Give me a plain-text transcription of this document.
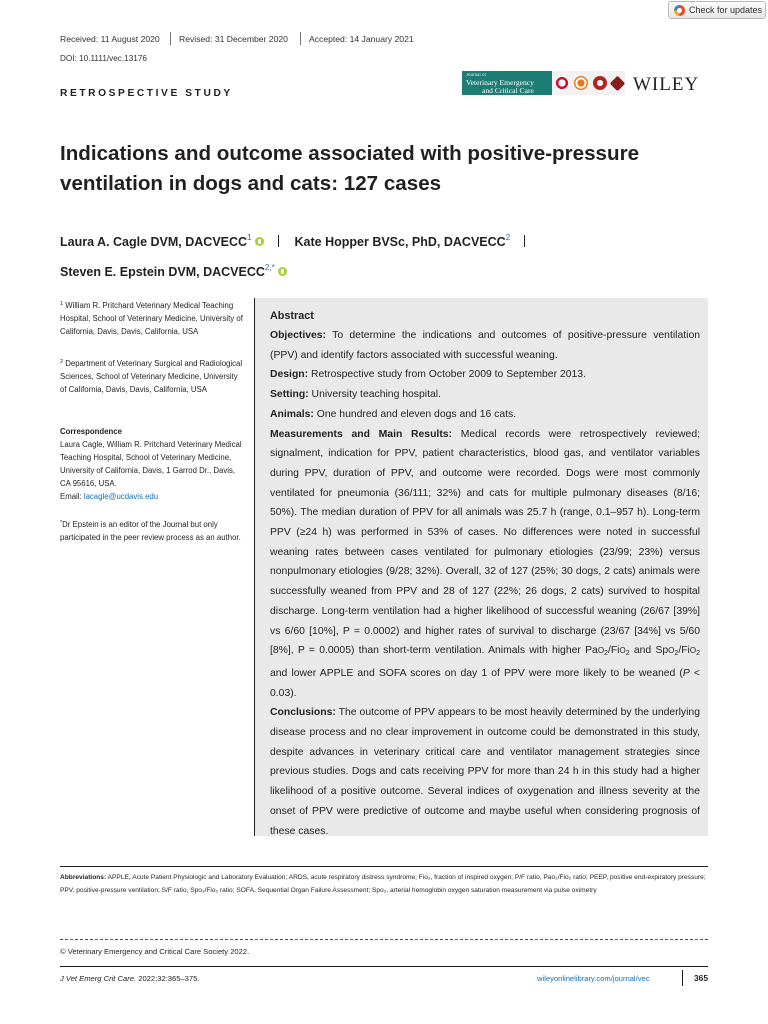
Check for updates
Received: 11 August 2020 Revised: 31 December 2020 Accepted: 14 January 2021
DOI: 10.1111/vec.13176
RETROSPECTIVE STUDY
Journal of
Veterinary Emergency
and Critical Care	WILEY
Indications and outcome associated with positive-pressure ventilation in dogs and cats: 127 cases
Laura A. Cagle DVM, DACVECC$^1$	Kate Hopper BVSc, PhD, DACVECC$^2$
Steven E. Epstein DVM, $DACVECC^{2,*}$
$^1$ William R. Pritchard Veterinary Medical Teaching Hospital, School of Veterinary Medicine, University of California, Davis, Davis, California, USA
$^2$ Department of Veterinary Surgical and Radiological Sciences, School of Veterinary Medicine, University of California, Davis, Davis, California, USA
Correspondence
Laura Cagle, William R. Pritchard Veterinary Medical Teaching Hospital, School of Veterinary Medicine, University of California, Davis, 1 Garrod Dr., Davis, CA 95616, USA.
Email: lacagle@ucdavis.edu
*Dr Epstein is an editor of the Journal but only participated in the peer review process as an author.
Abstract

Objectives: To determine the indications and outcomes of positive-pressure ventilation (PPV) and identify factors associated with successful weaning.

Design: Retrospective study from October 2009 to September 2013.

Setting: University teaching hospital.

Animals: One hundred and eleven dogs and 16 cats.

Measurements and Main Results: Medical records were retrospectively reviewed; signalment, indication for PPV, patient characteristics, blood gas, and ventilator variables during PPV, duration of PPV, and outcome were recorded. Dogs were most commonly ventilated for pneumonia (36/111; 32%) and cats for multiple pulmonary diseases (8/16; 50%). The median duration of PPV for all animals was 25.7 h (range, 0.1–957 h). Long-term PPV (≥24 h) was performed in 53% of cases. No differences were noted in successful weaning rates between cases ventilated for pulmonary etiologies (23/99; 23%) versus nonpulmonary etiologies (9/28; 32%). Overall, 32 of 127 (25%; 30 dogs, 2 cats) animals were successfully weaned from PPV and 28 of 127 (22%; 26 dogs, 2 cats) survived to hospital discharge. Long-term ventilation had a higher likelihood of successful weaning (26/67 [39%] vs 6/60 [10%], P = 0.0002) and higher rates of survival to discharge (23/67 [34%] vs 5/60 [8%], P = 0.0005) than short-term ventilation. Animals with higher PaO$_2$/FiO$_2$ and SpO$_2$/FiO$_2$ and lower APPLE and SOFA scores on day 1 of PPV were more likely to be weaned (P < 0.03).

Conclusions: The outcome of PPV appears to be most heavily determined by the underlying disease process and no clear improvement in outcome could be demonstrated in this study, despite advances in veterinary critical care and ventilator management strategies since previous studies. Dogs and cats receiving PPV for more than 24 h in this study had a higher likelihood of a positive outcome. Several indices of oxygenation and illness severity at the onset of PPV were predictive of outcome and maybe useful when considering prognosis of these cases.

Abbreviations: APPLE, Acute Patient Physiologic and Laboratory Evaluation; ARDS, acute respiratory distress syndrome; Fio₂, fraction of inspired oxygen; P/F ratio, Pao₂/Fio₂ ratio; PEEP, positive end-expiratory pressure; PPV, positive-pressure ventilation; S/F ratio, Spo₂/Fio₂ ratio; SOFA, Sequential Organ Failure Assessment; Spo₂, arterial hemoglobin oxygen saturation measurement via pulse oximetry
© Veterinary Emergency and Critical Care Society 2022.
J Vet Emerg Crit Care. 2022;32:365–375.	wileyonlinelibrary.com/journal/vec	365
